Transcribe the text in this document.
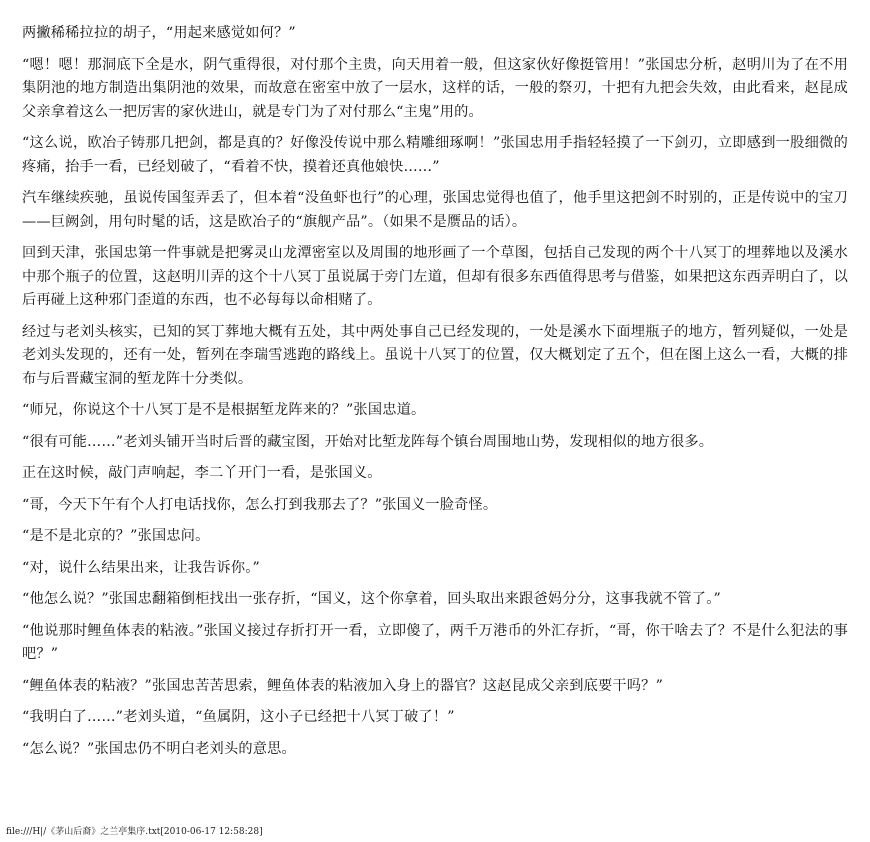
两撇稀稀拉拉的胡子，“用起来感觉如何？”

“嗯！嗯！那洞底下全是水，阴气重得很，对付那个主贵，向天用着一般，但这家伙好像挺管用！”张国忠分析，赵明川为了在不用集阴池的地方制造出集阴池的效果，而故意在密室中放了一层水，这样的话，一般的祭刃，十把有九把会失效，由此看来，赵昆成父亲拿着这么一把厉害的家伙进山，就是专门为了对付那么“主鬼”用的。

“这么说，欧冶子铸那几把剑，都是真的？好像没传说中那么精雕细琢啊！”张国忠用手指轻轻摸了一下剑刃，立即感到一股细微的疼痛，抬手一看，已经划破了，“看着不快，摸着还真他娘快……”

汽车继续疾驰，虽说传国玺弄丢了，但本着“没鱼虾也行”的心理，张国忠觉得也值了，他手里这把剑不时别的，正是传说中的宝刀——巨阙剑，用句时髦的话，这是欧冶子的“旗舰产品”。（如果不是赝品的话）。

回到天津，张国忠第一件事就是把雾灵山龙潭密室以及周围的地形画了一个草图，包括自己发现的两个十八冥丁的埋葬地以及溪水中那个瓶子的位置，这赵明川弄的这个十八冥丁虽说属于旁门左道，但却有很多东西值得思考与借鉴，如果把这东西弄明白了，以后再碰上这种邪门歪道的东西，也不必每每以命相赌了。

经过与老刘头核实，已知的冥丁葬地大概有五处，其中两处事自己已经发现的，一处是溪水下面埋瓶子的地方，暂列疑似，一处是老刘头发现的，还有一处，暂列在李瑞雪逃跑的路线上。虽说十八冥丁的位置，仅大概划定了五个，但在图上这么一看，大概的排布与后晋藏宝洞的堑龙阵十分类似。

“师兄，你说这个十八冥丁是不是根据堑龙阵来的？”张国忠道。

“很有可能……”老刘头铺开当时后晋的藏宝图，开始对比堑龙阵每个镇台周围地山势，发现相似的地方很多。

正在这时候，敲门声响起，李二丫开门一看，是张国义。

“哥，今天下午有个人打电话找你，怎么打到我那去了？”张国义一脸奇怪。

“是不是北京的？”张国忠问。

“对，说什么结果出来，让我告诉你。”

“他怎么说？”张国忠翻箱倒柜找出一张存折，“国义，这个你拿着，回头取出来跟爸妈分分，这事我就不管了。”

“他说那时鲤鱼体表的粘液。”张国义接过存折打开一看，立即傻了，两千万港币的外汇存折，“哥，你干啥去了？不是什么犯法的事吧？”

“鲤鱼体表的粘液？”张国忠苦苦思索，鲤鱼体表的粘液加入身上的器官？这赵昆成父亲到底要干吗？”

“我明白了……”老刘头道，“鱼属阴，这小子已经把十八冥丁破了！”

“怎么说？”张国忠仍不明白老刘头的意思。

file:///H|/《茅山后裔》之兰亭集序.txt[2010-06-17 12:58:28]
